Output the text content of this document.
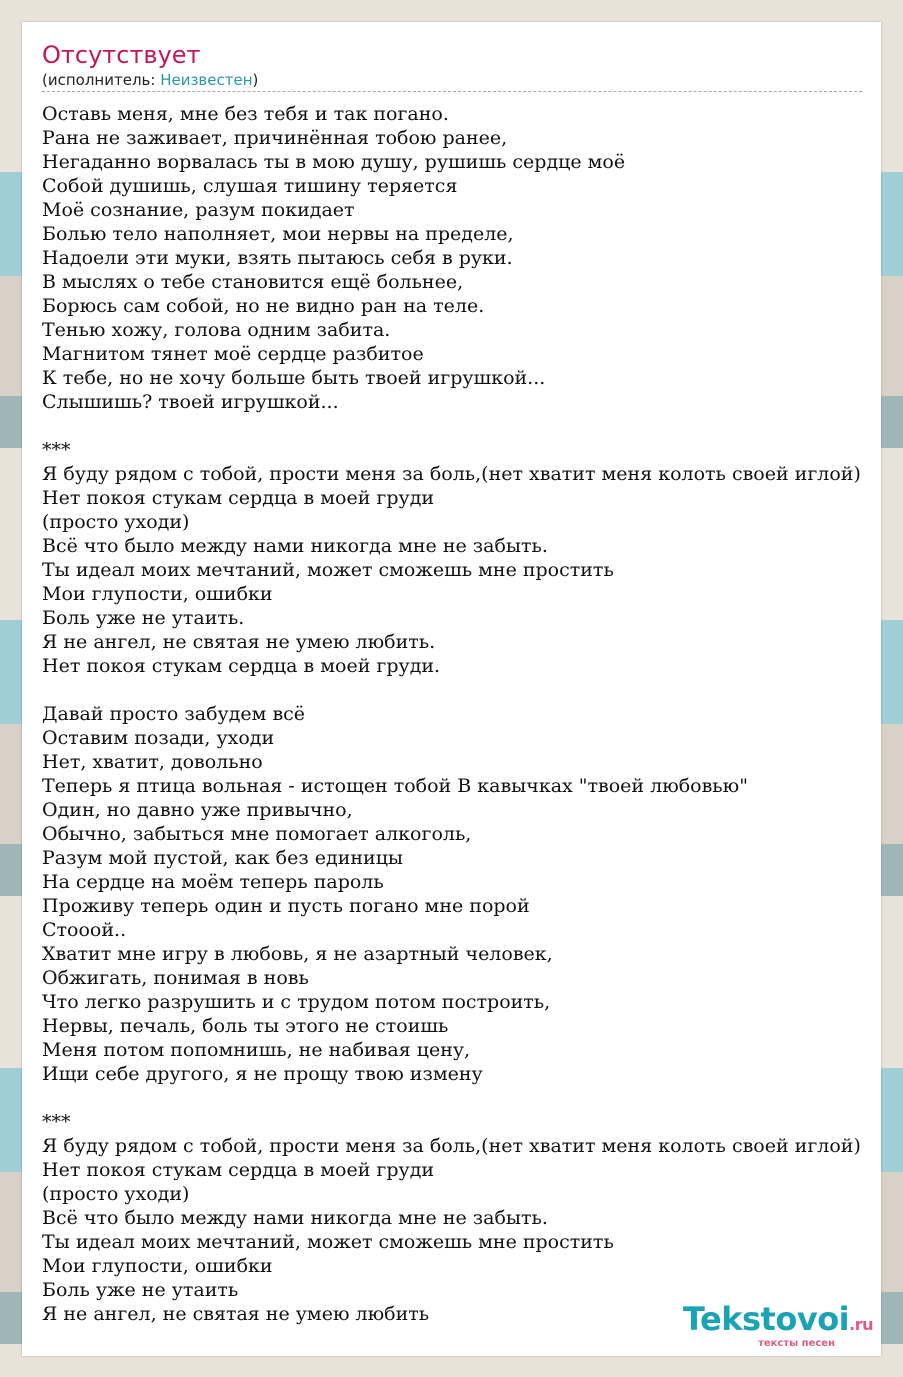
Отсутствует
(исполнитель: Неизвестен)
Оставь меня, мне без тебя и так погано.
Рана не заживает, причинённая тобою ранее,
Негаданно ворвалась ты в мою душу, рушишь сердце моё
Собой душишь, слушая тишину теряется
Моё сознание, разум покидает
Болью тело наполняет, мои нервы на пределе,
Надоели эти муки, взять пытаюсь себя в руки.
В мыслях о тебе становится ещё больнее,
Борюсь сам собой, но не видно ран на теле.
Тенью хожу, голова одним забита.
Магнитом тянет моё сердце разбитое
К тебе, но не хочу больше быть твоей игрушкой...
Слышишь? твоей игрушкой...
***
Я буду рядом с тобой, прости меня за боль,(нет хватит меня колоть своей иглой)
Нет покоя стукам сердца в моей груди
(просто уходи)
Всё что было между нами никогда мне не забыть.
Ты идеал моих мечтаний, может сможешь мне простить
Мои глупости, ошибки
Боль уже не утаить.
Я не ангел, не святая не умею любить.
Нет покоя стукам сердца в моей груди.
Давай просто забудем всё
Оставим позади, уходи
Нет, хватит, довольно
Теперь я птица вольная - истощен тобой В кавычках "твоей любовью"
Один, но давно уже привычно,
Обычно, забыться мне помогает алкоголь,
Разум мой пустой, как без единицы
На сердце на моём теперь пароль
Проживу теперь один и пусть погано мне порой
Стооой..
Хватит мне игру в любовь, я не азартный человек,
Обжигать, понимая в новь
Что легко разрушить и с трудом потом построить,
Нервы, печаль, боль ты этого не стоишь
Меня потом попомнишь, не набивая цену,
Ищи себе другого, я не прощу твою измену
***
Я буду рядом с тобой, прости меня за боль,(нет хватит меня колоть своей иглой)
Нет покоя стукам сердца в моей груди
(просто уходи)
Всё что было между нами никогда мне не забыть.
Ты идеал моих мечтаний, может сможешь мне простить
Мои глупости, ошибки
Боль уже не утаить
Я не ангел, не святая не умею любить	Tekstovoi.ru
тексты песен
